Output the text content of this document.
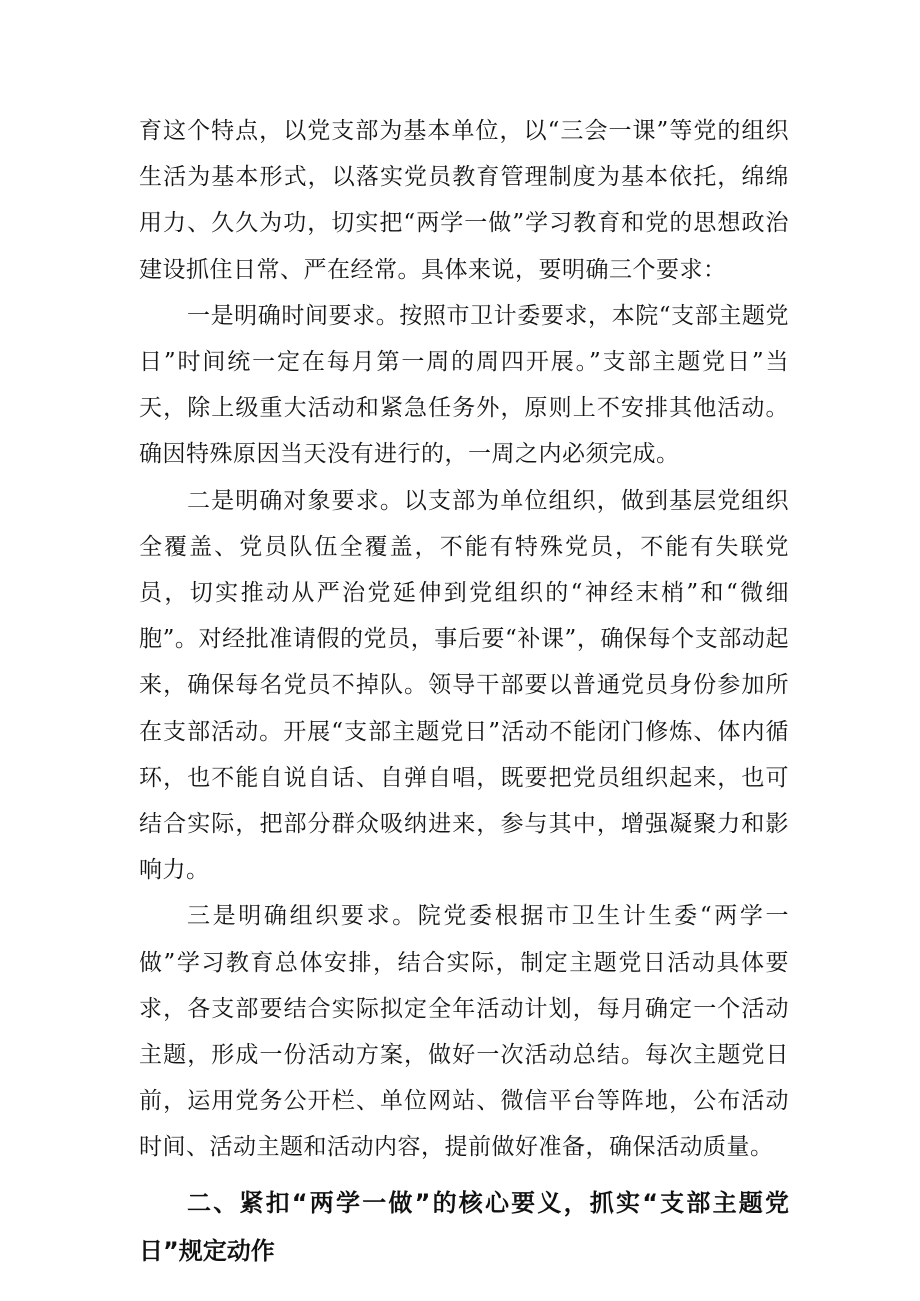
育这个特点，以党支部为基本单位，以“三会一课”等党的组织生活为基本形式，以落实党员教育管理制度为基本依托，绵绵用力、久久为功，切实把“两学一做”学习教育和党的思想政治建设抓住日常、严在经常。具体来说，要明确三个要求：

一是明确时间要求。按照市卫计委要求，本院“支部主题党日”时间统一定在每月第一周的周四开展。”支部主题党日”当天，除上级重大活动和紧急任务外，原则上不安排其他活动。确因特殊原因当天没有进行的，一周之内必须完成。

二是明确对象要求。以支部为单位组织，做到基层党组织全覆盖、党员队伍全覆盖，不能有特殊党员，不能有失联党员，切实推动从严治党延伸到党组织的“神经末梢”和“微细胞”。对经批准请假的党员，事后要“补课”，确保每个支部动起来，确保每名党员不掉队。领导干部要以普通党员身份参加所在支部活动。开展“支部主题党日”活动不能闭门修炼、体内循环，也不能自说自话、自弹自唱，既要把党员组织起来，也可结合实际，把部分群众吸纳进来，参与其中，增强凝聚力和影响力。

三是明确组织要求。院党委根据市卫生计生委“两学一做”学习教育总体安排，结合实际，制定主题党日活动具体要求，各支部要结合实际拟定全年活动计划，每月确定一个活动主题，形成一份活动方案，做好一次活动总结。每次主题党日前，运用党务公开栏、单位网站、微信平台等阵地，公布活动时间、活动主题和活动内容，提前做好准备，确保活动质量。

二、紧扣“两学一做”的核心要义，抓实“支部主题党日”规定动作
